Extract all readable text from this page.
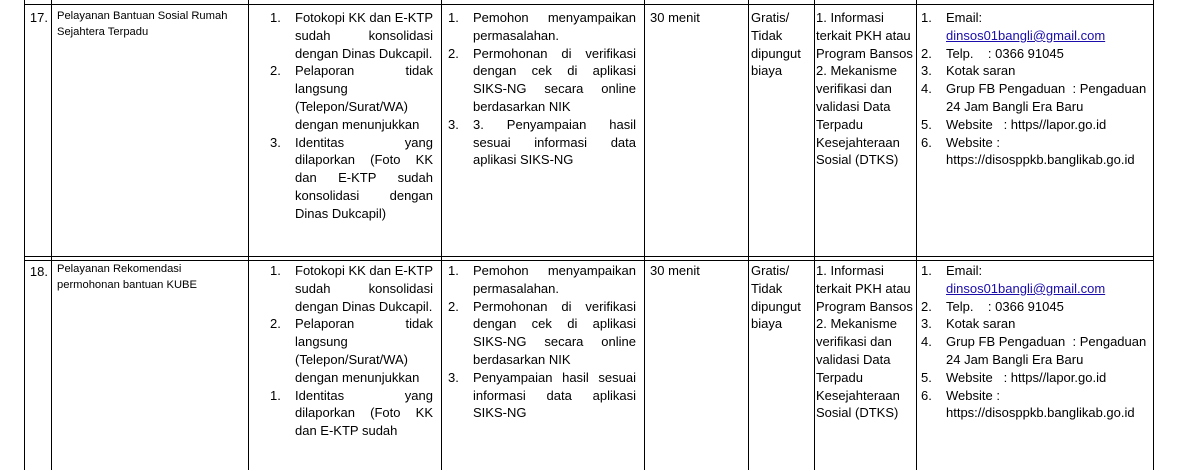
17. Pelayanan Bantuan Sosial Rumah Sejahtera Terpadu
1. Fotokopi KK dan E-KTP sudah konsolidasi dengan Dinas Dukcapil.
2. Pelaporan tidak langsung (Telepon/Surat/WA) dengan menunjukkan
3. Identitas yang dilaporkan (Foto KK dan E-KTP sudah konsolidasi dengan Dinas Dukcapil)
1. Pemohon menyampaikan permasalahan.
2. Permohonan di verifikasi dengan cek di aplikasi SIKS-NG secara online berdasarkan NIK
3. 3. Penyampaian hasil sesuai informasi data aplikasi SIKS-NG
30 menit	Gratis/ Tidak dipungut biaya
1. Informasi terkait PKH atau Program Bansos 2. Mekanisme verifikasi dan validasi Data Terpadu Kesejahteraan Sosial (DTKS)
1. Email:
dinsos01bangli@gmail.com
2. Telp. : 0366 91045
3. Kotak saran
4. Grup FB Pengaduan : Pengaduan 24 Jam Bangli Era Baru
5. Website : https//lapor.go.id
6. Website :
https://disosppkb.banglikab.go.id
18. Pelayanan Rekomendasi permohonan bantuan KUBE
1. Fotokopi KK dan E-KTP sudah konsolidasi dengan Dinas Dukcapil.
2. Pelaporan tidak langsung (Telepon/Surat/WA) dengan menunjukkan
1. Identitas yang dilaporkan (Foto KK dan E-KTP sudah
1. Pemohon menyampaikan permasalahan.
2. Permohonan di verifikasi dengan cek di aplikasi SIKS-NG secara online berdasarkan NIK
3. Penyampaian hasil sesuai informasi data aplikasi SIKS-NG
30 menit	Gratis/ Tidak dipungut biaya
1. Informasi terkait PKH atau Program Bansos 2. Mekanisme verifikasi dan validasi Data Terpadu Kesejahteraan Sosial (DTKS)
1. Email:
dinsos01bangli@gmail.com
2. Telp. : 0366 91045
3. Kotak saran
4. Grup FB Pengaduan : Pengaduan 24 Jam Bangli Era Baru
5. Website : https//lapor.go.id
6. Website :
https://disosppkb.banglikab.go.id
